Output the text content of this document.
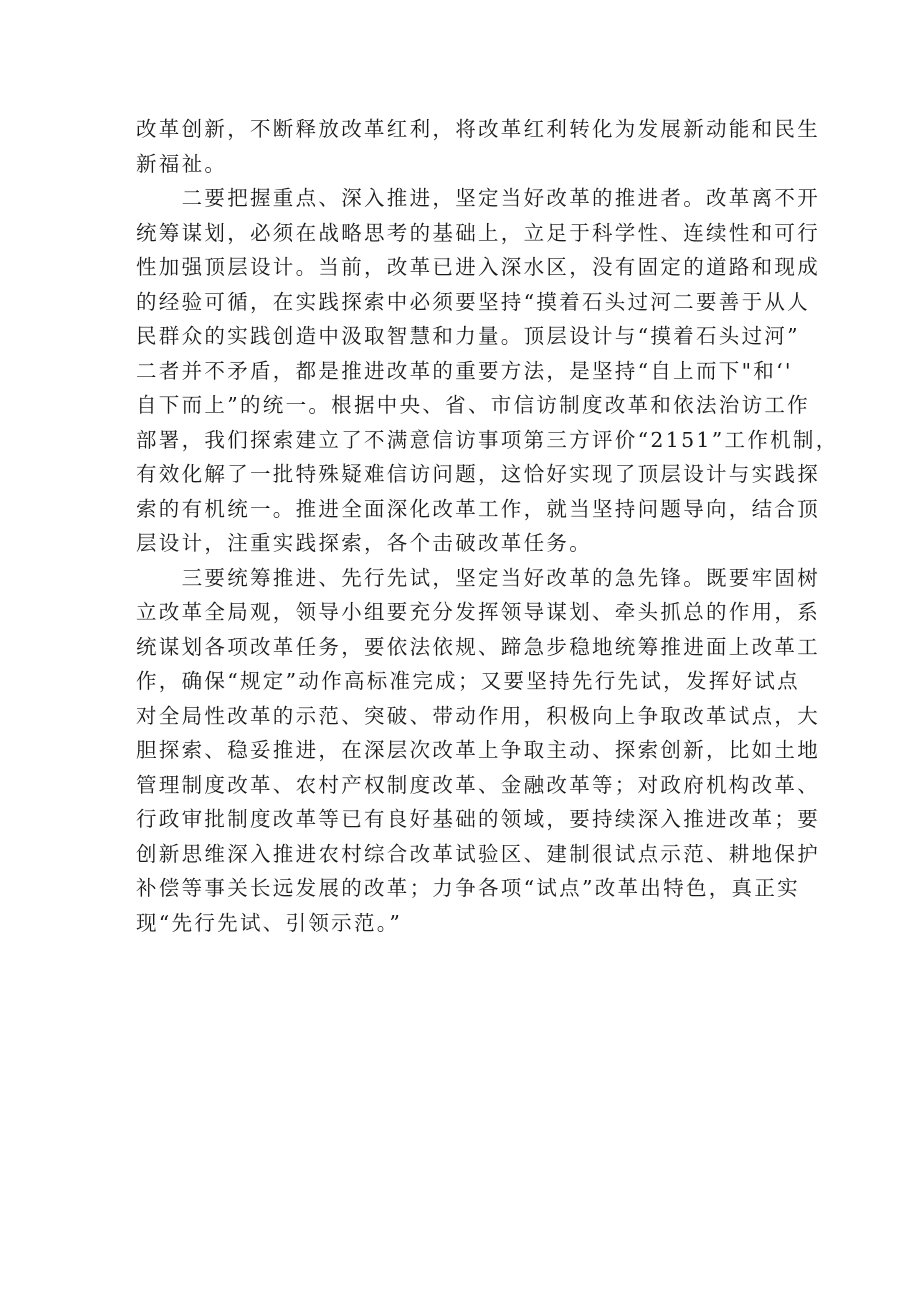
改革创新，不断释放改革红利，将改革红利转化为发展新动能和民生
新福祉。
　　二要把握重点、深入推进，坚定当好改革的推进者。改革离不开
统筹谋划，必须在战略思考的基础上，立足于科学性、连续性和可行
性加强顶层设计。当前，改革已进入深水区，没有固定的道路和现成
的经验可循，在实践探索中必须要坚持“摸着石头过河二要善于从人
民群众的实践创造中汲取智慧和力量。顶层设计与“摸着石头过河”
二者并不矛盾，都是推进改革的重要方法，是坚持“自上而下"和‘'
自下而上”的统一。根据中央、省、市信访制度改革和依法治访工作
部署，我们探索建立了不满意信访事项第三方评价“2151”工作机制，
有效化解了一批特殊疑难信访问题，这恰好实现了顶层设计与实践探
索的有机统一。推进全面深化改革工作，就当坚持问题导向，结合顶
层设计，注重实践探索，各个击破改革任务。
　　三要统筹推进、先行先试，坚定当好改革的急先锋。既要牢固树
立改革全局观，领导小组要充分发挥领导谋划、牵头抓总的作用，系
统谋划各项改革任务，要依法依规、蹄急步稳地统筹推进面上改革工
作，确保“规定”动作高标准完成；又要坚持先行先试，发挥好试点
对全局性改革的示范、突破、带动作用，积极向上争取改革试点，大
胆探索、稳妥推进，在深层次改革上争取主动、探索创新，比如土地
管理制度改革、农村产权制度改革、金融改革等；对政府机构改革、
行政审批制度改革等已有良好基础的领域，要持续深入推进改革；要
创新思维深入推进农村综合改革试验区、建制很试点示范、耕地保护
补偿等事关长远发展的改革；力争各项“试点”改革出特色，真正实
现“先行先试、引领示范。”
